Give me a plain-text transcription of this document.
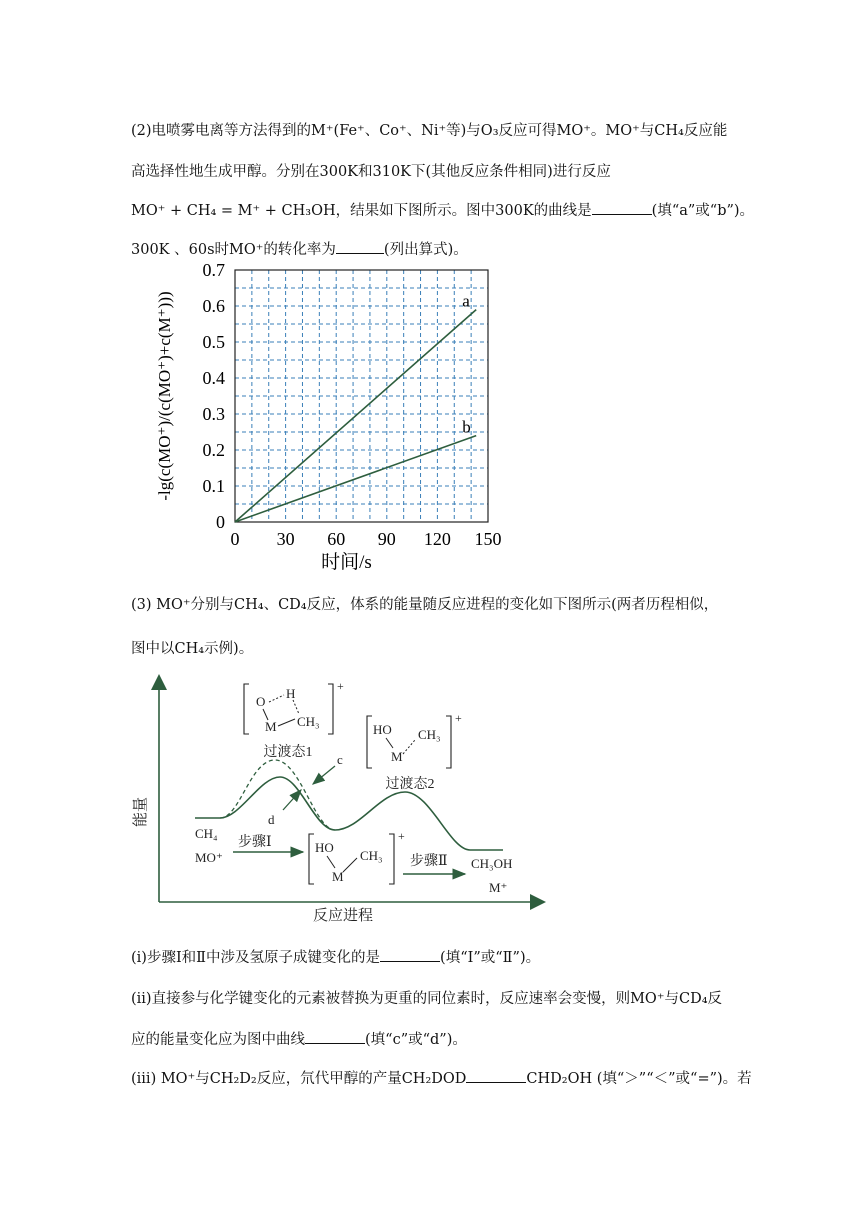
(2)电喷雾电离等方法得到的M⁺(Fe⁺、Co⁺、Ni⁺等)与O₃反应可得MO⁺。MO⁺与CH₄反应能
高选择性地生成甲醇。分别在300K和310K下(其他反应条件相同)进行反应
MO⁺ + CH₄ = M⁺ + CH₃OH，结果如下图所示。图中300K的曲线是	(填“a”或“b”)。
300K 、60s时MO⁺的转化率为	(列出算式)。
0 30 60 90 120 150
0
0.1
0.2
0.3
0.4
0.5
0.6
0.7
a
b
-lg(c(MO⁺)/(c(MO⁺)+c(M⁺)))
时间/s
(3) MO⁺分别与CH₄、CD₄反应，体系的能量随反应进程的变化如下图所示(两者历程相似，
图中以CH₄示例)。
能量
反应进程
c
d
+
O
H
M CH₃
过渡态1
+
HO
M
CH₃
过渡态2
CH₄
MO⁺
步骤Ⅰ	+
HO
M
CH₃ 步骤Ⅱ CH₃OH
M⁺
(i)步骤Ⅰ和Ⅱ中涉及氢原子成键变化的是	(填“Ⅰ”或“Ⅱ”)。
(ii)直接参与化学键变化的元素被替换为更重的同位素时，反应速率会变慢，则MO⁺与CD₄反
应的能量变化应为图中曲线	(填“c”或“d”)。
(iii) MO⁺与CH₂D₂反应，氘代甲醇的产量CH₂DOD	CHD₂OH (填“＞”“＜”或“=”)。若
